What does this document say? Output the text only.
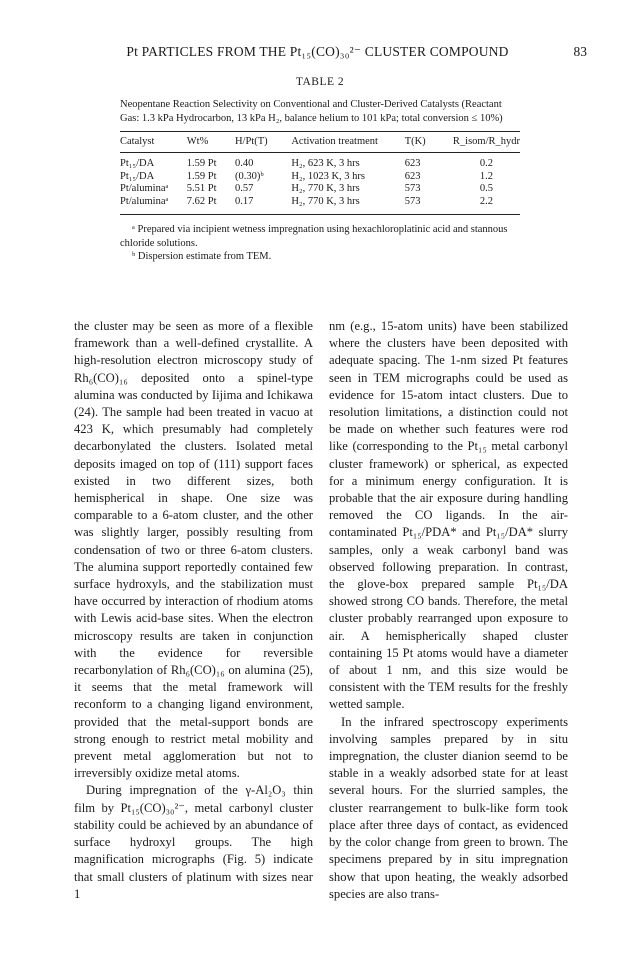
Pt PARTICLES FROM THE Pt₁₅(CO)₃₀²⁻ CLUSTER COMPOUND	83
TABLE 2
Neopentane Reaction Selectivity on Conventional and Cluster-Derived Catalysts (Reactant Gas: 1.3 kPa Hydrocarbon, 13 kPa H₂, balance helium to 101 kPa; total conversion ≤ 10%)
Catalyst	Wt%	H/Pt(T)	Activation treatment	T(K)	R_isom/R_hydr
Pt₁₅/DA	1.59 Pt	0.40	H₂, 623 K, 3 hrs	623	0.2
Pt₁₅/DA	1.59 Pt	(0.30)ᵇ	H₂, 1023 K, 3 hrs	623	1.2
Pt/aluminaᵃ	5.51 Pt	0.57	H₂, 770 K, 3 hrs	573	0.5
Pt/aluminaᵃ	7.62 Pt	0.17	H₂, 770 K, 3 hrs	573	2.2

ᵃ Prepared via incipient wetness impregnation using hexachloroplatinic acid and stannous chloride solutions.

ᵇ Dispersion estimate from TEM.

the cluster may be seen as more of a flexible framework than a well-defined crystallite. A high-resolution electron microscopy study of Rh₆(CO)₁₆ deposited onto a spinel-type alumina was conducted by Iijima and Ichikawa (24). The sample had been treated in vacuo at 423 K, which presumably had completely decarbonylated the clusters. Isolated metal deposits imaged on top of (111) support faces existed in two different sizes, both hemispherical in shape. One size was comparable to a 6-atom cluster, and the other was slightly larger, possibly resulting from condensation of two or three 6-atom clusters. The alumina support reportedly contained few surface hydroxyls, and the stabilization must have occurred by interaction of rhodium atoms with Lewis acid-base sites. When the electron microscopy results are taken in conjunction with the evidence for reversible recarbonylation of Rh₆(CO)₁₆ on alumina (25), it seems that the metal framework will reconform to a changing ligand environment, provided that the metal-support bonds are strong enough to restrict metal mobility and prevent metal agglomeration but not to irreversibly oxidize metal atoms.

During impregnation of the γ-Al₂O₃ thin film by Pt₁₅(CO)₃₀²⁻, metal carbonyl cluster stability could be achieved by an abundance of surface hydroxyl groups. The high magnification micrographs (Fig. 5) indicate that small clusters of platinum with sizes near 1

nm (e.g., 15-atom units) have been stabilized where the clusters have been deposited with adequate spacing. The 1-nm sized Pt features seen in TEM micrographs could be used as evidence for 15-atom intact clusters. Due to resolution limitations, a distinction could not be made on whether such features were rod like (corresponding to the Pt₁₅ metal carbonyl cluster framework) or spherical, as expected for a minimum energy configuration. It is probable that the air exposure during handling removed the CO ligands. In the air-contaminated Pt₁₅/PDA* and Pt₁₅/DA* slurry samples, only a weak carbonyl band was observed following preparation. In contrast, the glove-box prepared sample Pt₁₅/DA showed strong CO bands. Therefore, the metal cluster probably rearranged upon exposure to air. A hemispherically shaped cluster containing 15 Pt atoms would have a diameter of about 1 nm, and this size would be consistent with the TEM results for the freshly wetted sample.

In the infrared spectroscopy experiments involving samples prepared by in situ impregnation, the cluster dianion seemd to be stable in a weakly adsorbed state for at least several hours. For the slurried samples, the cluster rearrangement to bulk-like form took place after three days of contact, as evidenced by the color change from green to brown. The specimens prepared by in situ impregnation show that upon heating, the weakly adsorbed species are also trans-
